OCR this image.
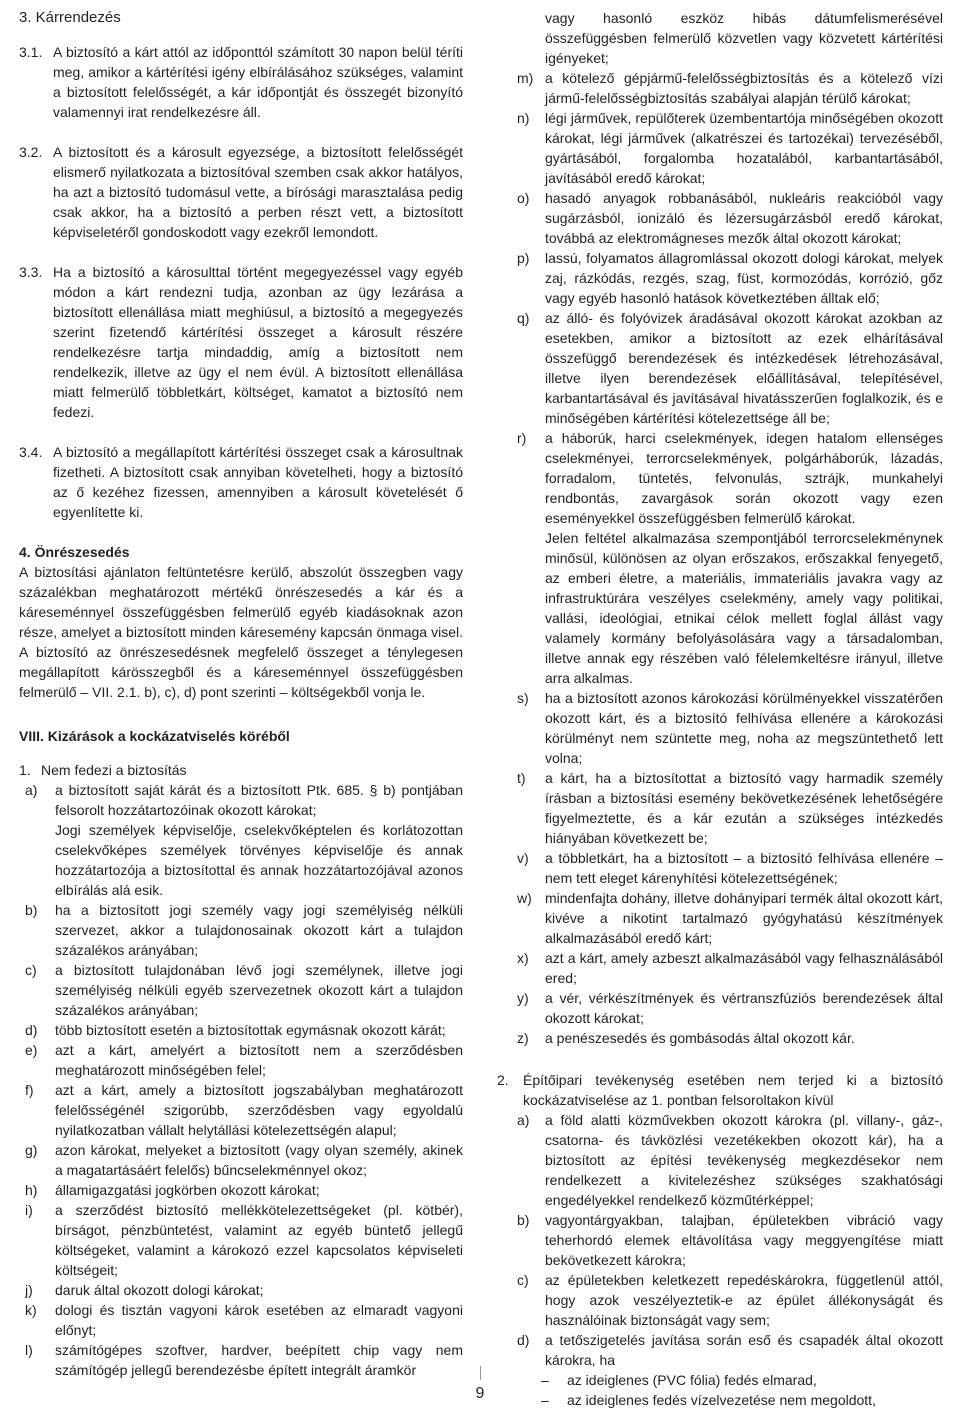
3. Kárrendezés

3.1. A biztosító a kárt attól az időponttól számított 30 napon belül téríti meg, amikor a kártérítési igény elbírálásához szükséges, valamint a biztosított felelősségét, a kár időpontját és összegét bizonyító valamennyi irat rendelkezésre áll.
3.2. A biztosított és a károsult egyezsége, a biztosított felelősségét elismerő nyilatkozata a biztosítóval szemben csak akkor hatályos, ha azt a biztosító tudomásul vette, a bírósági marasztalása pedig csak akkor, ha a biztosító a perben részt vett, a biztosított képviseletéről gondoskodott vagy ezekről lemondott.
3.3. Ha a biztosító a károsulttal történt megegyezéssel vagy egyéb módon a kárt rendezni tudja, azonban az ügy lezárása a biztosított ellenállása miatt meghiúsul, a biztosító a megegyezés szerint fizetendő kártérítési összeget a károsult részére rendelkezésre tartja mindaddig, amíg a biztosított nem rendelkezik, illetve az ügy el nem évül. A biztosított ellenállása miatt felmerülő többletkárt, költséget, kamatot a biztosító nem fedezi.
3.4. A biztosító a megállapított kártérítési összeget csak a károsultnak fizetheti. A biztosított csak annyiban követelheti, hogy a biztosító az ő kezéhez fizessen, amennyiben a károsult követelését ő egyenlítette ki.

4. Önrészesedés

A biztosítási ajánlaton feltüntetésre kerülő, abszolút összegben vagy százalékban meghatározott mértékű önrészesedés a kár és a káreseménnyel összefüggésben felmerülő egyéb kiadásoknak azon része, amelyet a biztosított minden káresemény kapcsán önmaga visel. A biztosító az önrészesedésnek megfelelő összeget a ténylegesen megállapított kárösszegből és a káreseménnyel összefüggésben felmerülő – VII. 2.1. b), c), d) pont szerinti – költségekből vonja le.

VIII. Kizárások a kockázatviselés köréből

1. Nem fedezi a biztosítás
a)	a biztosított saját kárát és a biztosított Ptk. 685. § b) pontjában felsorolt hozzátartozóinak okozott károkat;

Jogi személyek képviselője, cselekvőképtelen és korlátozottan cselekvőképes személyek törvényes képviselője és annak hozzátartozója a biztosítottal és annak hozzátartozójával azonos elbírálás alá esik.

b)	ha a biztosított jogi személy vagy jogi személyiség nélküli szervezet, akkor a tulajdonosainak okozott kárt a tulajdon százalékos arányában;
c)	a biztosított tulajdonában lévő jogi személynek, illetve jogi személyiség nélküli egyéb szervezetnek okozott kárt a tulajdon százalékos arányában;
d)	több biztosított esetén a biztosítottak egymásnak okozott kárát;
e)	azt a kárt, amelyért a biztosított nem a szerződésben meghatározott minőségében felel;
f)	azt a kárt, amely a biztosított jogszabályban meghatározott felelősségénél szigorúbb, szerződésben vagy egyoldalú nyilatkozatban vállalt helytállási kötelezettségén alapul;
g)	azon károkat, melyeket a biztosított (vagy olyan személy, akinek a magatartásáért felelős) bűncselekménnyel okoz;
h)	államigazgatási jogkörben okozott károkat;
i)	a szerződést biztosító mellékkötelezettségeket (pl. kötbér), bírságot, pénzbüntetést, valamint az egyéb büntető jellegű költségeket, valamint a károkozó ezzel kapcsolatos képviseleti költségeit;
j)	daruk által okozott dologi károkat;
k)	dologi és tisztán vagyoni károk esetében az elmaradt vagyoni előnyt;
l)	számítógépes szoftver, hardver, beépített chip vagy nem számítógép jellegű berendezésbe épített integrált áramkör

vagy hasonló eszköz hibás dátumfelismerésével összefüggésben felmerülő közvetlen vagy közvetett kártérítési igényeket;

m) a kötelező gépjármű-felelősségbiztosítás és a kötelező vízi jármű-felelősségbiztosítás szabályai alapján térülő károkat;
n)	légi járművek, repülőterek üzembentartója minőségében okozott károkat, légi járművek (alkatrészei és tartozékai) tervezéséből, gyártásából, forgalomba hozatalából, karbantartásából, javításából eredő károkat;
o)	hasadó anyagok robbanásából, nukleáris reakcióból vagy sugárzásból, ionizáló és lézersugárzásból eredő károkat, továbbá az elektromágneses mezők által okozott károkat;
p)	lassú, folyamatos állagromlással okozott dologi károkat, melyek zaj, rázkódás, rezgés, szag, füst, kormozódás, korrózió, gőz vagy egyéb hasonló hatások következtében álltak elő;
q)	az álló- és folyóvizek áradásával okozott károkat azokban az esetekben, amikor a biztosított az ezek elhárításával összefüggő berendezések és intézkedések létrehozásával, illetve ilyen berendezések előállításával, telepítésével, karbantartásával és javításával hivatásszerűen foglalkozik, és e minőségében kártérítési kötelezettsége áll be;
r)	a háborúk, harci cselekmények, idegen hatalom ellenséges cselekményei, terrorcselekmények, polgárháborúk, lázadás, forradalom, tüntetés, felvonulás, sztrájk, munkahelyi rendbontás, zavargások során okozott vagy ezen eseményekkel összefüggésben felmerülő károkat.

Jelen feltétel alkalmazása szempontjából terrorcselekménynek minősül, különösen az olyan erőszakos, erőszakkal fenyegető, az emberi életre, a materiális, immateriális javakra vagy az infrastruktúrára veszélyes cselekmény, amely vagy politikai, vallási, ideológiai, etnikai célok mellett foglal állást vagy valamely kormány befolyásolására vagy a társadalomban, illetve annak egy részében való félelemkeltésre irányul, illetve arra alkalmas.

s)	ha a biztosított azonos károkozási körülményekkel visszatérően okozott kárt, és a biztosító felhívása ellenére a károkozási körülményt nem szüntette meg, noha az megszüntethető lett volna;
t)	a kárt, ha a biztosítottat a biztosító vagy harmadik személy írásban a biztosítási esemény bekövetkezésének lehetőségére figyelmeztette, és a kár ezután a szükséges intézkedés hiányában következett be;
v)	a többletkárt, ha a biztosított – a biztosító felhívása ellenére – nem tett eleget kárenyhítési kötelezettségének;
w) mindenfajta dohány, illetve dohányipari termék által okozott kárt, kivéve a nikotint tartalmazó gyógyhatású készítmények alkalmazásából eredő kárt;
x)	azt a kárt, amely azbeszt alkalmazásából vagy felhasználásából ered;
y)	a vér, vérkészítmények és vértranszfúziós berendezések által okozott károkat;
z)	a penészesedés és gombásodás által okozott kár.
2.	Építőipari tevékenység esetében nem terjed ki a biztosító kockázatviselése az 1. pontban felsoroltakon kívül
a)	a föld alatti közművekben okozott károkra (pl. villany-, gáz-, csatorna- és távközlési vezetékekben okozott kár), ha a biztosított az építési tevékenység megkezdésekor nem rendelkezett a kivitelezéshez szükséges szakhatósági engedélyekkel rendelkező közműtérképpel;
b)	vagyontárgyakban, talajban, épületekben vibráció vagy teherhordó elemek eltávolítása vagy meggyengítése miatt bekövetkezett károkra;
c)	az épületekben keletkezett repedéskárokra, függetlenül attól, hogy azok veszélyeztetik-e az épület állékonyságát és használóinak biztonságát vagy sem;
d)	a tetőszigetelés javítása során eső és csapadék által okozott károkra, ha
–	az ideiglenes (PVC fólia) fedés elmarad,
–	az ideiglenes fedés vízelvezetése nem megoldott,
9
